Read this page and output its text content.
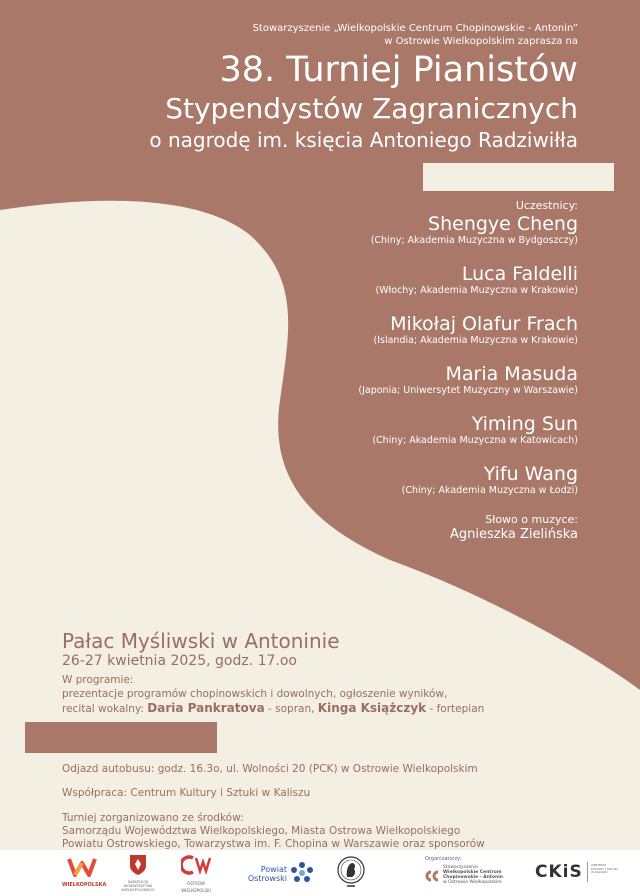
Stowarzyszenie „Wielkopolskie Centrum Chopinowskie - Antonin”
w Ostrowie Wielkopolskim zaprasza na
38. Turniej Pianistów
Stypendystów Zagranicznych
o nagrodę im. księcia Antoniego Radziwiłła
Uczestnicy:
Shengye Cheng
(Chiny; Akademia Muzyczna w Bydgoszczy)
Luca Faldelli
(Włochy; Akademia Muzyczna w Krakowie)
Mikołaj Olafur Frach
(Islandia; Akademia Muzyczna w Krakowie)
Maria Masuda
(Japonia; Uniwersytet Muzyczny w Warszawie)
Yiming Sun
(Chiny; Akademia Muzyczna w Katowicach)
Yifu Wang
(Chiny; Akademia Muzyczna w Łodzi)
Słowo o muzyce:
Agnieszka Zielińska
Pałac Myśliwski w Antoninie
26-27 kwietnia 2025, godz. 17.oo
W programie:
prezentacje programów chopinowskich i dowolnych, ogłoszenie wyników,
recital wokalny: Daria Pankratova - sopran, Kinga Książczyk - fortepian
Odjazd autobusu: godz. 16.3o, ul. Wolności 20 (PCK) w Ostrowie Wielkopolskim
Współpraca: Centrum Kultury i Sztuki w Kaliszu
Turniej zorganizowano ze środków:
Samorządu Województwa Wielkopolskiego, Miasta Ostrowa Wielkopolskiego
Powiatu Ostrowskiego, Towarzystwa im. F. Chopina w Warszawie oraz sponsorów
WIELKOPOLSKA	SAMORZĄD WOJEWÓDZTWA WIELKOPOLSKIEGO
OSTRÓW WIELKOPOLSKI
Powiat
Ostrowski
Organizatorzy:
Stowarzyszenie
Wielkopolskie Centrum
Chopinowskie - Antonin
w Ostrowie Wielkopolskim
CKiS	CENTRUM KULTURY I SZTUKI W KALISZU
